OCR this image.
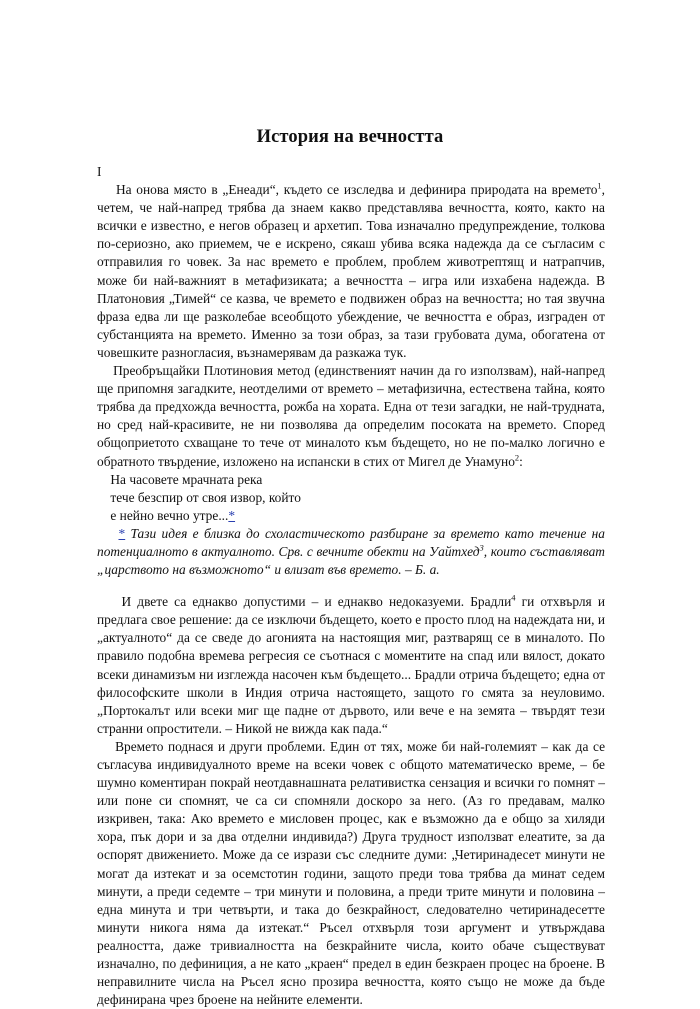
История на вечността

I

На онова място в „Енеади“, където се изследва и дефинира природата на времето$^1$, четем, че най-напред трябва да знаем какво представлява вечността, която, както на всички е известно, е негов образец и архетип. Това изначално предупреждение, толкова по-сериозно, ако приемем, че е искрено, сякаш убива всяка надежда да се съгласим с отправилия го човек. За нас времето е проблем, проблем животрептящ и натрапчив, може би най-важният в метафизиката; а вечността – игра или изхабена надежда. В Платоновия „Тимей“ се казва, че времето е подвижен образ на вечността; но тая звучна фраза едва ли ще разколебае всеобщото убеждение, че вечността е образ, изграден от субстанцията на времето. Именно за този образ, за тази грубовата дума, обогатена от човешките разногласия, възнамерявам да разкажа тук.

Преобръщайки Плотиновия метод (единственият начин да го използвам), най-напред ще припомня загадките, неотделими от времето – метафизична, естествена тайна, която трябва да предхожда вечността, рожба на хората. Една от тези загадки, не най-трудната, но сред най-красивите, не ни позволява да определим посоката на времето. Според общоприетото схващане то тече от миналото към бъдещето, но не по-малко логично е обратното твърдение, изложено на испански в стих от Мигел де Унамуно$^2$:

На часовете мрачната река
тече безспир от своя извор, който
е нейно вечно утре...*

* Тази идея е близка до схоластическото разбиране за времето като течение на потенциалното в актуалното. Срв. с вечните обекти на Уайтхед$^3$, които съставляват „царството на възможното“ и влизат във времето. – Б. а.

И двете са еднакво допустими – и еднакво недоказуеми. Брадли$^4$ ги отхвърля и предлага свое решение: да се изключи бъдещето, което е просто плод на надеждата ни, и „актуалното“ да се сведе до агонията на настоящия миг, разтварящ се в миналото. По правило подобна времева регресия се съотнася с моментите на спад или вялост, докато всеки динамизъм ни изглежда насочен към бъдещето... Брадли отрича бъдещето; една от философските школи в Индия отрича настоящето, защото го смята за неуловимо. „Портокалът или всеки миг ще падне от дървото, или вече е на земята – твърдят тези странни опростители. – Никой не вижда как пада.“

Времето поднася и други проблеми. Един от тях, може би най-големият – как да се съгласува индивидуалното време на всеки човек с общото математическо време, – бе шумно коментиран покрай неотдавнашната релативистка сензация и всички го помнят – или поне си спомнят, че са си спомняли доскоро за него. (Аз го предавам, малко изкривен, така: Ако времето е мисловен процес, как е възможно да е общо за хиляди хора, пък дори и за два отделни индивида?) Друга трудност използват елеатите, за да оспорят движението. Може да се изрази със следните думи: „Четиринадесет минути не могат да изтекат и за осемстотин години, защото преди това трябва да минат седем минути, а преди седемте – три минути и половина, а преди трите минути и половина – една минута и три четвърти, и така до безкрайност, следователно четиринадесетте минути никога няма да изтекат.“ Ръсел отхвърля този аргумент и утвърждава реалността, даже тривиалността на безкрайните числа, които обаче съществуват изначално, по дефиниция, а не като „краен“ предел в един безкраен процес на броене. В неправилните числа на Ръсел ясно прозира вечността, която също не може да бъде дефинирана чрез броене на нейните елементи.
